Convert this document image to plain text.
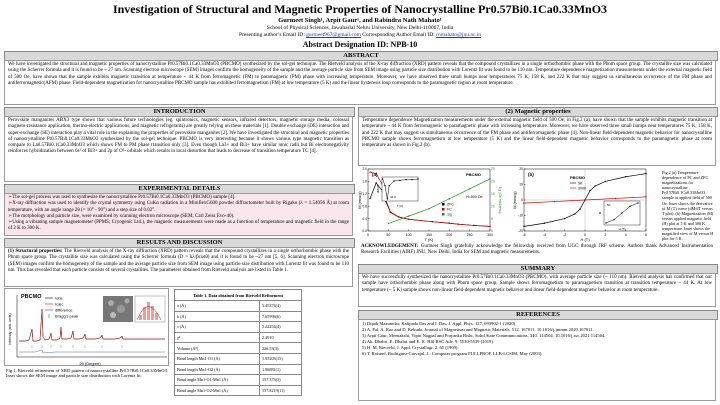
Investigation of Structural and Magnetic Properties of Nanocrystalline Pr0.57Bi0.1Ca0.33MnO3
Gurmeet Singh¹, Arpit Gaur¹, and Rabindra Nath Mahato¹
School of Physical Sciences, Jawaharlal Nehru University, New Delhi-110067, India
Presenting author’s Email ID: gurmeet967@gmail.com Corresponding Author Email ID: rnmahato@jnu.ac.in
Abstract Designation ID: NPB-10
ABSTRACT
We have investigated the structural and magnetic properties of nanocrystalline Pr0.57Bi0.1Ca0.33MnO3 (PBCMO) synthesized by the sol-gel technique. The Rietveld analysis of the X-ray diffraction (XRD) pattern reveals that the compound crystallizes in a single orthorhombic phase with the Pbnm space group. The crystallite size was calculated using the Scherrer formula and it is found to be ~ 27 nm. Scanning electron microscope (SEM) images confirm the homogeneity of the sample and the average particle size from SEM image using particle size distribution with Lorentz fit was found to be 110 nm. Temperature dependence magnetization measurements under the external magnetic field of 500 Oe, have shown that the sample exhibits magnetic transition at temperature ~ 44 K from ferromagnetic (FM) to paramagnetic (PM) phase with increasing temperature. Moreover, we have observed three small humps near temperatures 75 K, 158 K, and 222 K that may suggest us simultaneous occurrence of the FM phase and antiferromagnetic(AFM) phase. Field-dependent magnetization for nanocrystalline PBCMO sample has exhibited ferromagnetism (FM) at low temperature (5 K) and the linear hysteresis loop corresponds to the paramagnetic region at room temperature.
INTRODUCTION
Perovskite manganites ABX3 type shows that various future technologies (eg. spintronics, magnetic sensors, infrared detectors, magnetic storage media, colossal magneto-resistance application, thermo-electric applications, and magnetic refrigerants) are greatly relying on these materials [1]. Double exchange (DE) interaction and super-exchange (SE) interaction play a vital role in the explaining the properties of perovskite manganites [2]. We have investigated the structural and magnetic properties of nanocrystalline Pr0.57Bi0.1Ca0.33MnO3 synthesized by the sol-gel technique. PBCMO is very interesting because it shows various type magnetic transition as compare to La0.57Bi0.1Ca0.33MnO3 which shows FM to PM phase transition only [3]. Even though La3+ and Bi3+ have similar ionic radii but Bi electronegativity reinforces hybridization between 6s² of Bi3+ and 2p of O²- orbitals which results in local distortion that leads to decrease of transition temperature TC [4].
EXPERIMENTAL DETAILS
➢ The sol-gel process was used to synthesize the nanocrystalline Pr0.57Bi0.1Ca0.33MnO3 (PBCMO) sample [4].
➢ X-ray diffraction was used to identify the crystal symmetry using CuKα radiation in a MiniflexG600 powder diffractometer built by Rigaku (λ = 1.54056 Å) at room temperature, with an angle range 2θ (= 10° - 90°) and a step size of 0.02°.
➢ The morphology and particle size, were examined by scanning electron microscope (SEM; Carl Zeiss Evo-40).
➢ Using a vibrating sample magnetometer (PPMS; Cryogenic Ltd.), the magnetic measurements were made as a function of temperature and magnetic field in the range of 2 K to 300 K.
RESULTS AND DISCUSSION
(1) Structural properties: The Rietveld analysis of the X-ray diffraction (XRD) pattern reveals that the compound crystallizes in a single orthorhombic phase with the Pbnm space group. The crystallite size was calculated using the Scherrer formula (D = kλ/βcosθ) and it is found to be ~27 nm [5, 6]. Scanning electron microscope (SEM) images confirm the homogeneity of the sample and the average particle size from SEM image using particle size distribution with Lorentz fit was found to be 110 nm. This has revealed that each particle consists of several crystallites. The parameters obtained from Rietveld analysis are listed in Table 1.
PBCMO	Iobs
Icalc
difference
Bragg's peak
2θ (Degree)
Intensity (arb. units)
Fig.1. Rietveld refinement of XRD pattern of nanocrystalline Pr0.57Bi0.1Ca0.33MnO3. Inset shows the SEM image and particle size distribution with Lorentz fit.
Table 1. Data obtained from Rietveld Refinement	
a (Å)	5.45374(4)
b (Å)	7.65998(6)
c (Å)	5.42254(4)
χ²	2.4910
Volume (Å³)	226.53(3)
Bond length Mn1-O1 (Å)	1.95203(15)
Bond length Mn1-O2 (Å)	1.96881(1)
Bond angle Mn1-O1-Mn1 (Å)	157.373(3)
Bond angle Mn1-O2-Mn1 (Å)	157.8219(11)
(2) Magnetic properties
Temperature dependence Magnetization measurements under the external magnetic field of 500 Oe, in Fig.2 (a), have shown that the sample exhibits magnetic transition at temperature ~ 44 K from ferromagnetic to paramagnetic phase with increasing temperature. Moreover, we have observed three small humps near temperatures 75 K, 158 K, and 222 K that may suggest us simultaneous occurrence of the FM phase and antiferromagnetic phase [4]. Non-linear field-dependent magnetic behavior for nanocrystalline PBCMO sample shows ferromagnetism at low temperature (5 K) and the linear field-dependent magnetic behavior corresponds to the paramagnetic phase at room temperature as shown in Fig.2 (b).
0	50	100	150	200	250	300
0.0
0.4
0.8
1.2
1.6
2.0
0
5
10
15
20
25
M (emu/g)	1/χ (Oe.mol/emu)
T (K)
(a)	PBCMO
H=500 Oe
ZFC
FC
1/χ
T (K)
dM/dT
44 K
-6	-4	-2	0	2	4	6
-20
-10
0
10
20
M (emu/g)
H (T)
(b)
PBCMO
5K
300K
H (T)
M
5K
Fig.2 (a) Temperature dependence of FC and ZFC magnetizations for nanocrystalline Pr0.57Bi0.1Ca0.33MnO3 sample at applied field of 500 Oe. Inset shows the derivative of M (T) curve (dM/dT versus T plot). (b) Magnetization (M) versus applied magnetic field (H) plot at 5 K and 300 K temperature. Inset shows the magnified view of M versus H plot for 5 K.
ACKNOWLEDGEMENT: Gurmeet Singh gratefully acknowledge the fellowship received from UGC through JRF scheme. Authors thank Advanced Instrumentation Research Facilities (AIRF) JNU, New Delhi, India for SEM and magnetic measurements.
SUMMARY
We have successfully synthesized the nanocrystalline Pr0.57Bi0.1Ca0.33MnO3 (PBCMO), with average particle size (~ 110 nm). Rietveld analysis has confirmed that our sample have orthorhombic phase along with Pbnm space group. Sample shows ferromagnetism to paramagnetism transition at transition temperature ~ 44 K. At low temperature (~ 5 K) sample shows non-linear field-dependent magnetic behavior and linear field-dependent magnetic behavior at room temperature.
REFERENCES
1) Dipak Mazumdar, Kalipada Das and I. Das, J. Appl. Phys. 127, 093902-1 (2020)
2) A. Pal, A. Rao and D. Kekuda, Journal of Magnetism and Magnetic Materials. 512. 167011. 10.1016/j.jmmm.2020.167011.
3) Arpit Gaur, Meenakshi, Vipin Nagpal and Prayanka Bisht, Solid State Communications. 340. 114504. 10.1016/j.ssc.2021.114504.
4) Ab. Dhahri, E. Dhahri and E. K. Hlil RSC Adv, 9, 5530-5539 (2019).
5) H. M. Rietveld, J. Appl. Crystallogr. 2, 65 (1969).
6) T. Roisnel, Rodriguez-Carvajal, J.: Computer program FULLPROF, LLB-LCSIM, May (2003).
